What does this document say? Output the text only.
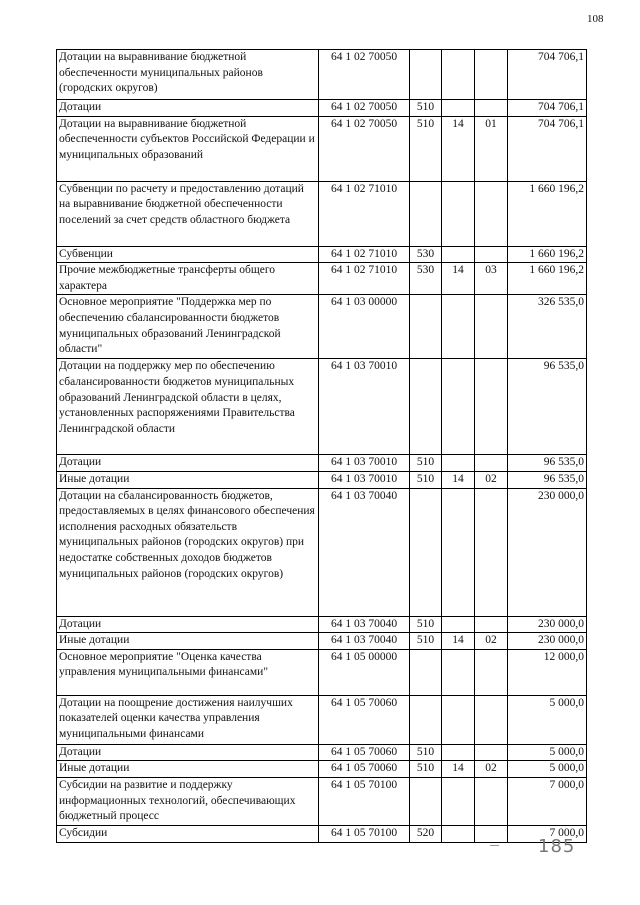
108
Дотации на выравнивание бюджетной обеспеченности муниципальных районов (городских округов)	64 1 02 70050				704 706,1
Дотации	64 1 02 70050	510			704 706,1
Дотации на выравнивание бюджетной обеспеченности субъектов Российской Федерации и муниципальных образований	64 1 02 70050	510	14	01	704 706,1
Субвенции по расчету и предоставлению дотаций на выравнивание бюджетной обеспеченности поселений за счет средств областного бюджета	64 1 02 71010				1 660 196,2
Субвенции	64 1 02 71010	530			1 660 196,2
Прочие межбюджетные трансферты общего характера	64 1 02 71010	530	14	03	1 660 196,2
Основное мероприятие "Поддержка мер по обеспечению сбалансированности бюджетов муниципальных образований Ленинградской области"	64 1 03 00000				326 535,0
Дотации на поддержку мер по обеспечению сбалансированности бюджетов муниципальных образований Ленинградской области в целях, установленных распоряжениями Правительства Ленинградской области	64 1 03 70010				96 535,0
Дотации	64 1 03 70010	510			96 535,0
Иные дотации	64 1 03 70010	510	14	02	96 535,0
Дотации на сбалансированность бюджетов, предоставляемых в целях финансового обеспечения исполнения расходных обязательств муниципальных районов (городских округов) при недостатке собственных доходов бюджетов муниципальных районов (городских округов)	64 1 03 70040				230 000,0
Дотации	64 1 03 70040	510			230 000,0
Иные дотации	64 1 03 70040	510	14	02	230 000,0
Основное мероприятие "Оценка качества управления муниципальными финансами"	64 1 05 00000				12 000,0
Дотации на поощрение достижения наилучших показателей оценки качества управления муниципальными финансами	64 1 05 70060				5 000,0
Дотации	64 1 05 70060	510			5 000,0
Иные дотации	64 1 05 70060	510	14	02	5 000,0
Субсидии на развитие и поддержку информационных технологий, обеспечивающих бюджетный процесс	64 1 05 70100				7 000,0
Субсидии	64 1 05 70100	520			7 000,0
185
